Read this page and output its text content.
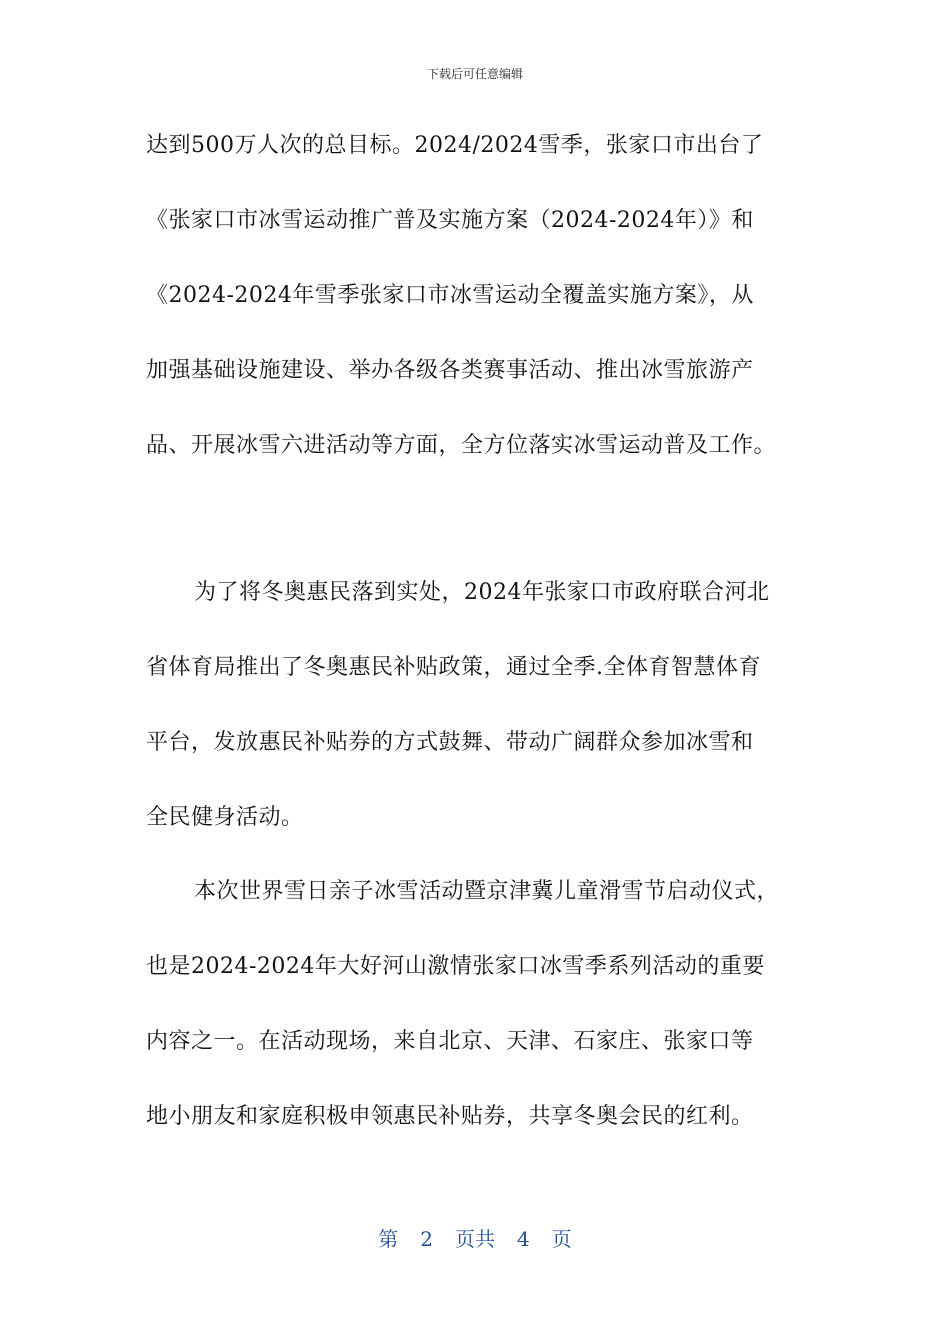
下载后可任意编辑
达到500万人次的总目标。2024/2024雪季，张家口市出台了
《张家口市冰雪运动推广普及实施方案（2024-2024年）》和
《2024-2024年雪季张家口市冰雪运动全覆盖实施方案》，从
加强基础设施建设、举办各级各类赛事活动、推出冰雪旅游产
品、开展冰雪六进活动等方面，全方位落实冰雪运动普及工作。
为了将冬奥惠民落到实处，2024年张家口市政府联合河北
省体育局推出了冬奥惠民补贴政策，通过全季.全体育智慧体育
平台，发放惠民补贴券的方式鼓舞、带动广阔群众参加冰雪和
全民健身活动。
本次世界雪日亲子冰雪活动暨京津冀儿童滑雪节启动仪式，
也是2024-2024年大好河山激情张家口冰雪季系列活动的重要
内容之一。在活动现场，来自北京、天津、石家庄、张家口等
地小朋友和家庭积极申领惠民补贴券，共享冬奥会民的红利。
第 2 页共 4 页
